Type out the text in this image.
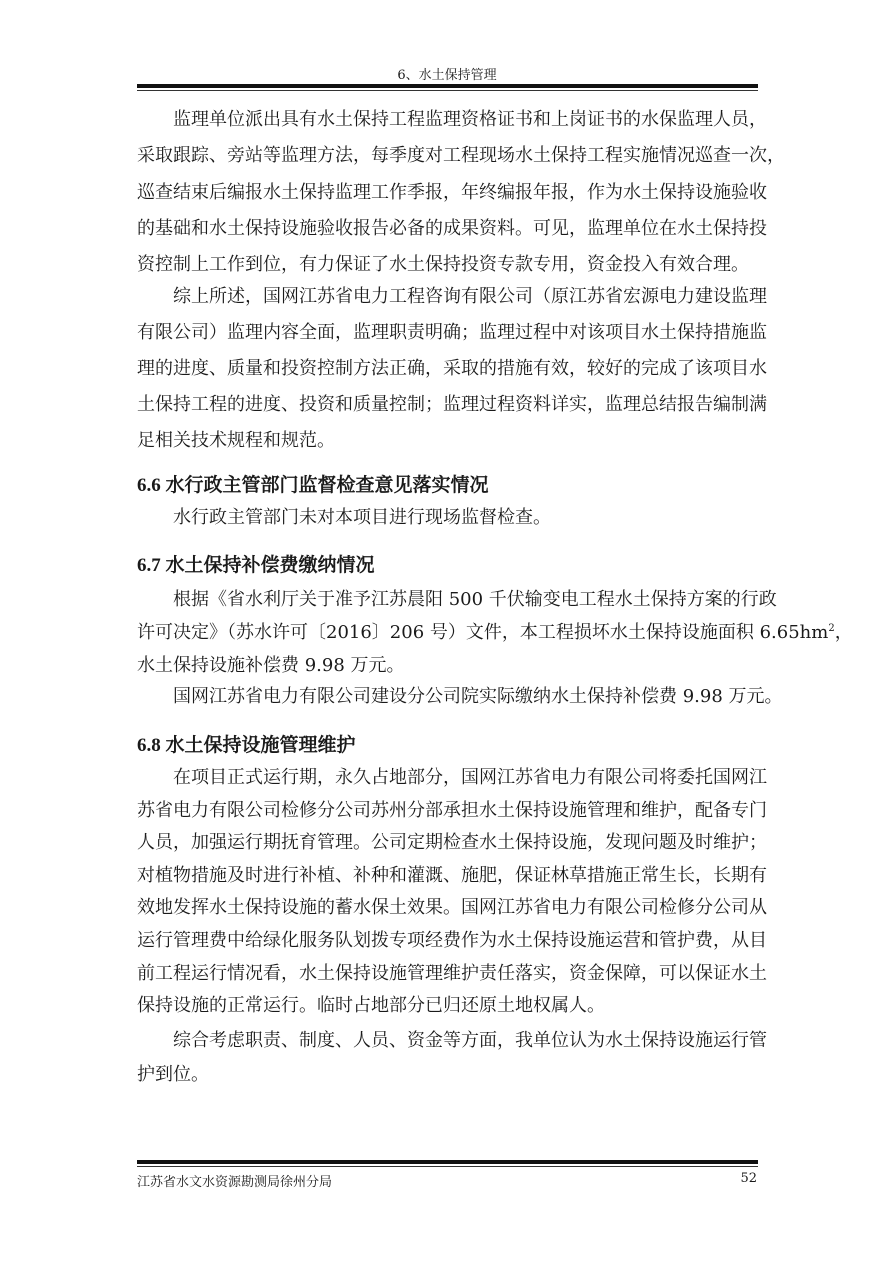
6、水土保持管理
监理单位派出具有水土保持工程监理资格证书和上岗证书的水保监理人员，
采取跟踪、旁站等监理方法，每季度对工程现场水土保持工程实施情况巡查一次，
巡查结束后编报水土保持监理工作季报，年终编报年报，作为水土保持设施验收
的基础和水土保持设施验收报告必备的成果资料。可见，监理单位在水土保持投
资控制上工作到位，有力保证了水土保持投资专款专用，资金投入有效合理。
综上所述，国网江苏省电力工程咨询有限公司（原江苏省宏源电力建设监理
有限公司）监理内容全面，监理职责明确；监理过程中对该项目水土保持措施监
理的进度、质量和投资控制方法正确，采取的措施有效，较好的完成了该项目水
土保持工程的进度、投资和质量控制；监理过程资料详实，监理总结报告编制满
足相关技术规程和规范。
6.6 水行政主管部门监督检查意见落实情况
水行政主管部门未对本项目进行现场监督检查。
6.7 水土保持补偿费缴纳情况
根据《省水利厅关于准予江苏晨阳 500 千伏输变电工程水土保持方案的行政
许可决定》（苏水许可〔2016〕206 号）文件，本工程损坏水土保持设施面积 $6.65hm^2$，
水土保持设施补偿费 9.98 万元。
国网江苏省电力有限公司建设分公司院实际缴纳水土保持补偿费 9.98 万元。
6.8 水土保持设施管理维护
在项目正式运行期，永久占地部分，国网江苏省电力有限公司将委托国网江
苏省电力有限公司检修分公司苏州分部承担水土保持设施管理和维护，配备专门
人员，加强运行期抚育管理。公司定期检查水土保持设施，发现问题及时维护；
对植物措施及时进行补植、补种和灌溉、施肥，保证林草措施正常生长，长期有
效地发挥水土保持设施的蓄水保土效果。国网江苏省电力有限公司检修分公司从
运行管理费中给绿化服务队划拨专项经费作为水土保持设施运营和管护费，从目
前工程运行情况看，水土保持设施管理维护责任落实，资金保障，可以保证水土
保持设施的正常运行。临时占地部分已归还原土地权属人。
综合考虑职责、制度、人员、资金等方面，我单位认为水土保持设施运行管
护到位。
江苏省水文水资源勘测局徐州分局	52
